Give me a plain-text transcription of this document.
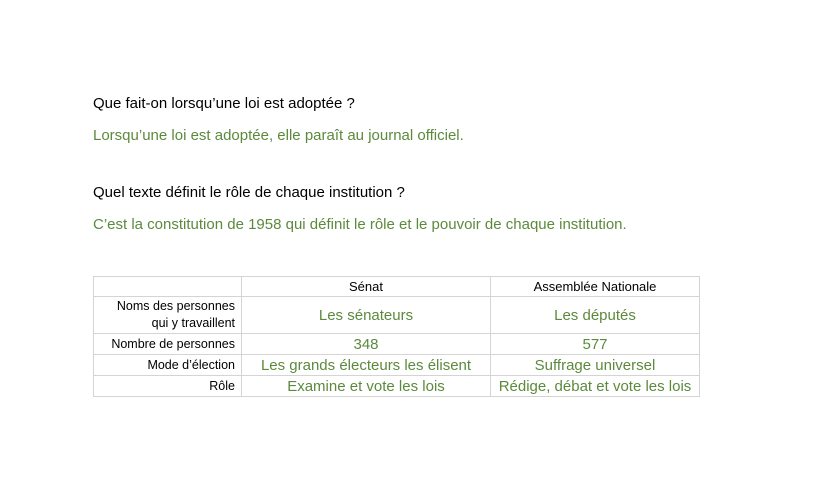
Que fait-on lorsqu’une loi est adoptée ?
Lorsqu’une loi est adoptée, elle paraît au journal officiel.
Quel texte définit le rôle de chaque institution ?
C’est la constitution de 1958 qui définit le rôle et le pouvoir de chaque institution.
	Sénat	Assemblée Nationale
Noms des personnes qui y travaillent	Les sénateurs	Les députés
Nombre de personnes	348	577
Mode d’élection	Les grands électeurs les élisent	Suffrage universel
Rôle	Examine et vote les lois	Rédige, débat et vote les lois
